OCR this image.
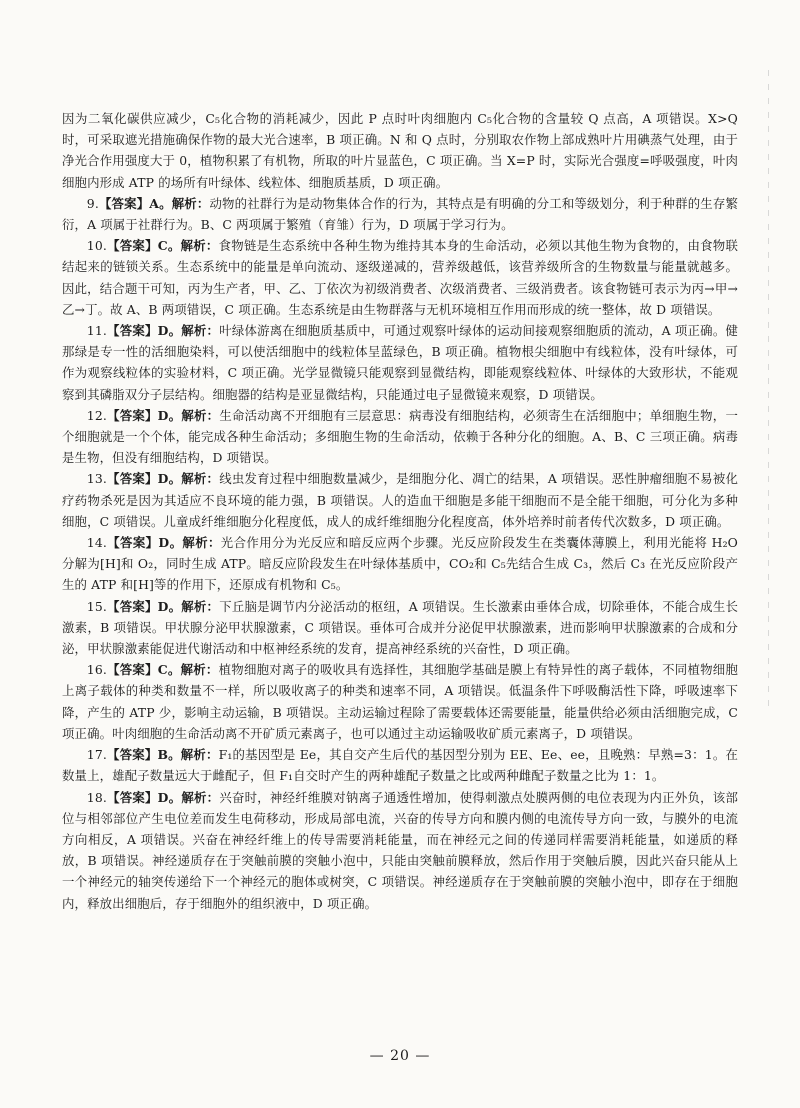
因为二氧化碳供应减少，C₅化合物的消耗减少，因此 P 点时叶肉细胞内 C₅化合物的含量较 Q 点高，A 项错误。X>Q 时，可采取遮光措施确保作物的最大光合速率，B 项正确。N 和 Q 点时，分别取农作物上部成熟叶片用碘蒸气处理，由于净光合作用强度大于 0，植物积累了有机物，所取的叶片显蓝色，C 项正确。当 X=P 时，实际光合强度=呼吸强度，叶肉细胞内形成 ATP 的场所有叶绿体、线粒体、细胞质基质，D 项正确。

9.【答案】A。解析：动物的社群行为是动物集体合作的行为，其特点是有明确的分工和等级划分，利于种群的生存繁衍，A 项属于社群行为。B、C 两项属于繁殖（育雏）行为，D 项属于学习行为。

10.【答案】C。解析：食物链是生态系统中各种生物为维持其本身的生命活动，必须以其他生物为食物的，由食物联结起来的链锁关系。生态系统中的能量是单向流动、逐级递减的，营养级越低，该营养级所含的生物数量与能量就越多。因此，结合题干可知，丙为生产者，甲、乙、丁依次为初级消费者、次级消费者、三级消费者。该食物链可表示为丙→甲→乙→丁。故 A、B 两项错误，C 项正确。生态系统是由生物群落与无机环境相互作用而形成的统一整体，故 D 项错误。

11.【答案】D。解析：叶绿体游离在细胞质基质中，可通过观察叶绿体的运动间接观察细胞质的流动，A 项正确。健那绿是专一性的活细胞染料，可以使活细胞中的线粒体呈蓝绿色，B 项正确。植物根尖细胞中有线粒体，没有叶绿体，可作为观察线粒体的实验材料，C 项正确。光学显微镜只能观察到显微结构，即能观察线粒体、叶绿体的大致形状，不能观察到其磷脂双分子层结构。细胞器的结构是亚显微结构，只能通过电子显微镜来观察，D 项错误。

12.【答案】D。解析：生命活动离不开细胞有三层意思：病毒没有细胞结构，必须寄生在活细胞中；单细胞生物，一个细胞就是一个个体，能完成各种生命活动；多细胞生物的生命活动，依赖于各种分化的细胞。A、B、C 三项正确。病毒是生物，但没有细胞结构，D 项错误。

13.【答案】D。解析：线虫发育过程中细胞数量减少，是细胞分化、凋亡的结果，A 项错误。恶性肿瘤细胞不易被化疗药物杀死是因为其适应不良环境的能力强，B 项错误。人的造血干细胞是多能干细胞而不是全能干细胞，可分化为多种细胞，C 项错误。儿童成纤维细胞分化程度低，成人的成纤维细胞分化程度高，体外培养时前者传代次数多，D 项正确。

14.【答案】D。解析：光合作用分为光反应和暗反应两个步骤。光反应阶段发生在类囊体薄膜上，利用光能将 H₂O 分解为[H]和 O₂，同时生成 ATP。暗反应阶段发生在叶绿体基质中，CO₂和 C₅先结合生成 C₃，然后 C₃ 在光反应阶段产生的 ATP 和[H]等的作用下，还原成有机物和 C₅。

15.【答案】D。解析：下丘脑是调节内分泌活动的枢纽，A 项错误。生长激素由垂体合成，切除垂体，不能合成生长激素，B 项错误。甲状腺分泌甲状腺激素，C 项错误。垂体可合成并分泌促甲状腺激素，进而影响甲状腺激素的合成和分泌，甲状腺激素能促进代谢活动和中枢神经系统的发育，提高神经系统的兴奋性，D 项正确。

16.【答案】C。解析：植物细胞对离子的吸收具有选择性，其细胞学基础是膜上有特异性的离子载体，不同植物细胞上离子载体的种类和数量不一样，所以吸收离子的种类和速率不同，A 项错误。低温条件下呼吸酶活性下降，呼吸速率下降，产生的 ATP 少，影响主动运输，B 项错误。主动运输过程除了需要载体还需要能量，能量供给必须由活细胞完成，C 项正确。叶肉细胞的生命活动离不开矿质元素离子，也可以通过主动运输吸收矿质元素离子，D 项错误。

17.【答案】B。解析：F₁的基因型是 Ee，其自交产生后代的基因型分别为 EE、Ee、ee，且晚熟：早熟=3：1。在数量上，雄配子数量远大于雌配子，但 F₁自交时产生的两种雄配子数量之比或两种雌配子数量之比为 1：1。

18.【答案】D。解析：兴奋时，神经纤维膜对钠离子通透性增加，使得刺激点处膜两侧的电位表现为内正外负，该部位与相邻部位产生电位差而发生电荷移动，形成局部电流，兴奋的传导方向和膜内侧的电流传导方向一致，与膜外的电流方向相反，A 项错误。兴奋在神经纤维上的传导需要消耗能量，而在神经元之间的传递同样需要消耗能量，如递质的释放，B 项错误。神经递质存在于突触前膜的突触小泡中，只能由突触前膜释放，然后作用于突触后膜，因此兴奋只能从上一个神经元的轴突传递给下一个神经元的胞体或树突，C 项错误。神经递质存在于突触前膜的突触小泡中，即存在于细胞内，释放出细胞后，存于细胞外的组织液中，D 项正确。

— 20 —
